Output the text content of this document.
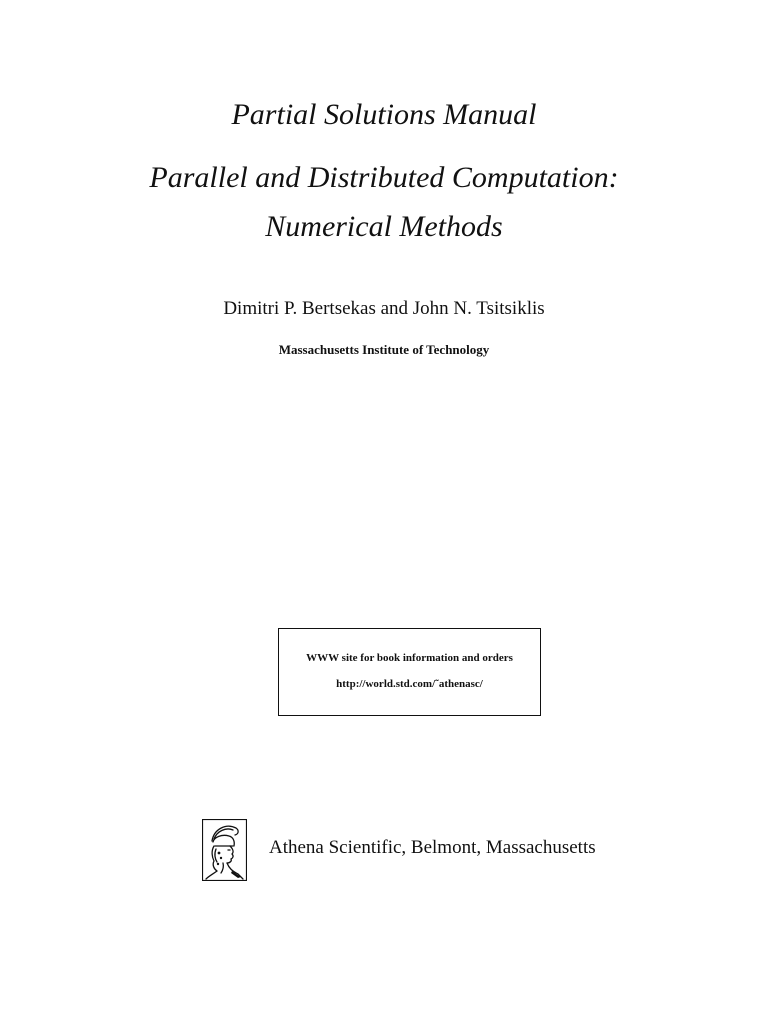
Partial Solutions Manual
Parallel and Distributed Computation:
Numerical Methods
Dimitri P. Bertsekas and John N. Tsitsiklis
Massachusetts Institute of Technology
WWW site for book information and orders
http://world.std.com/˜athenasc/
Athena Scientific, Belmont, Massachusetts
